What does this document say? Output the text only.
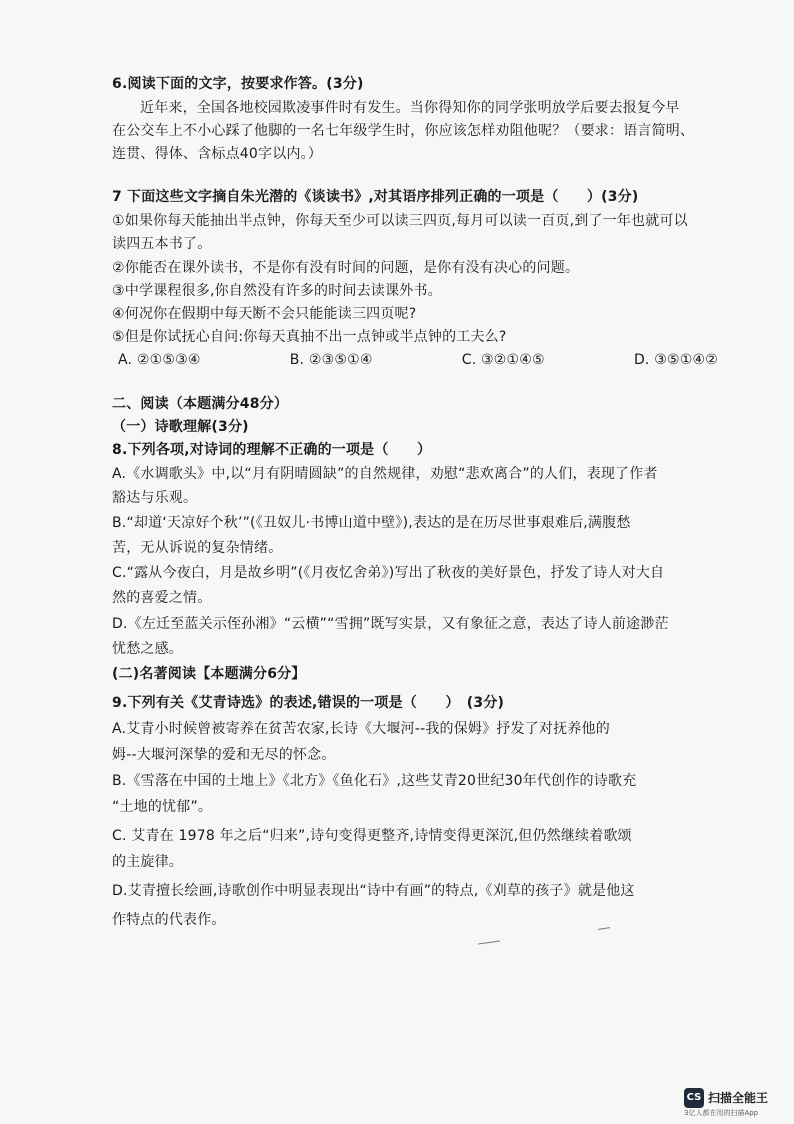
6.阅读下面的文字，按要求作答。(3分)
近年来，全国各地校园欺凌事件时有发生。当你得知你的同学张明放学后要去报复今早
在公交车上不小心踩了他脚的一名七年级学生时，你应该怎样劝阻他呢？（要求：语言简明、
连贯、得体、含标点40字以内。）
7 下面这些文字摘自朱光潜的《谈读书》,对其语序排列正确的一项是（　　）(3分)
①如果你每天能抽出半点钟，你每天至少可以读三四页,每月可以读一百页,到了一年也就可以
读四五本书了。
②你能否在课外读书，不是你有没有时间的问题，是你有没有决心的问题。
③中学课程很多,你自然没有许多的时间去读课外书。
④何况你在假期中每天断不会只能能读三四页呢?
⑤但是你试抚心自问:你每天真抽不出一点钟或半点钟的工夫么?
A. ②①⑤③④	B. ②③⑤①④	C. ③②①④⑤	D. ③⑤①④②
二、阅读（本题满分48分）
（一）诗歌理解(3分)
8.下列各项,对诗词的理解不正确的一项是（　　）
A.《水调歌头》中,以“月有阴晴圆缺”的自然规律，劝慰“悲欢离合”的人们，表现了作者
豁达与乐观。
B.“却道‘天凉好个秋’”(《丑奴儿·书博山道中壁》),表达的是在历尽世事艰难后,满腹愁
苦，无从诉说的复杂情绪。
C.“露从今夜白，月是故乡明”(《月夜忆舍弟》)写出了秋夜的美好景色，抒发了诗人对大自
然的喜爱之情。
D.《左迁至蓝关示侄孙湘》“云横”“雪拥”既写实景，又有象征之意，表达了诗人前途渺茫
忧愁之感。
(二)名著阅读【本题满分6分】
9.下列有关《艾青诗选》的表述,错误的一项是（　　）　(3分)
A.艾青小时候曾被寄养在贫苦农家,长诗《大堰河--我的保姆》抒发了对抚养他的
姆--大堰河深挚的爱和无尽的怀念。
B.《雪落在中国的土地上》《北方》《鱼化石》,这些艾青20世纪30年代创作的诗歌充
“土地的忧郁”。
C. 艾青在 1978 年之后“归来”,诗句变得更整齐,诗情变得更深沉,但仍然继续着歌颂
的主旋律。
D.艾青擅长绘画,诗歌创作中明显表现出“诗中有画”的特点,《刈草的孩子》就是他这
作特点的代表作。
CS 扫描全能王
3亿人都在用的扫描App
